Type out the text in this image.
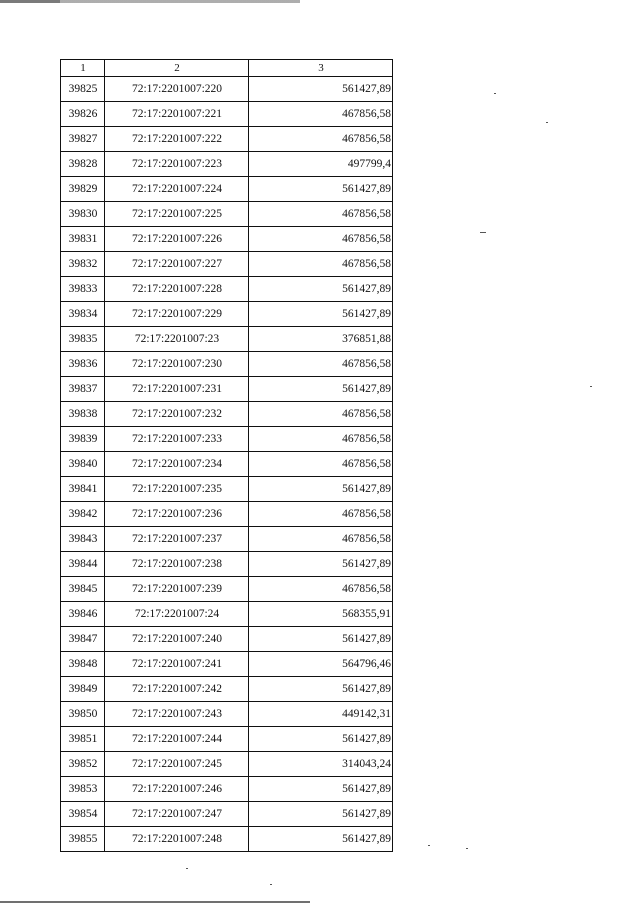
1	2	3
39825	72:17:2201007:220	561427,89
39826	72:17:2201007:221	467856,58
39827	72:17:2201007:222	467856,58
39828	72:17:2201007:223	497799,4
39829	72:17:2201007:224	561427,89
39830	72:17:2201007:225	467856,58
39831	72:17:2201007:226	467856,58
39832	72:17:2201007:227	467856,58
39833	72:17:2201007:228	561427,89
39834	72:17:2201007:229	561427,89
39835	72:17:2201007:23	376851,88
39836	72:17:2201007:230	467856,58
39837	72:17:2201007:231	561427,89
39838	72:17:2201007:232	467856,58
39839	72:17:2201007:233	467856,58
39840	72:17:2201007:234	467856,58
39841	72:17:2201007:235	561427,89
39842	72:17:2201007:236	467856,58
39843	72:17:2201007:237	467856,58
39844	72:17:2201007:238	561427,89
39845	72:17:2201007:239	467856,58
39846	72:17:2201007:24	568355,91
39847	72:17:2201007:240	561427,89
39848	72:17:2201007:241	564796,46
39849	72:17:2201007:242	561427,89
39850	72:17:2201007:243	449142,31
39851	72:17:2201007:244	561427,89
39852	72:17:2201007:245	314043,24
39853	72:17:2201007:246	561427,89
39854	72:17:2201007:247	561427,89
39855	72:17:2201007:248	561427,89
